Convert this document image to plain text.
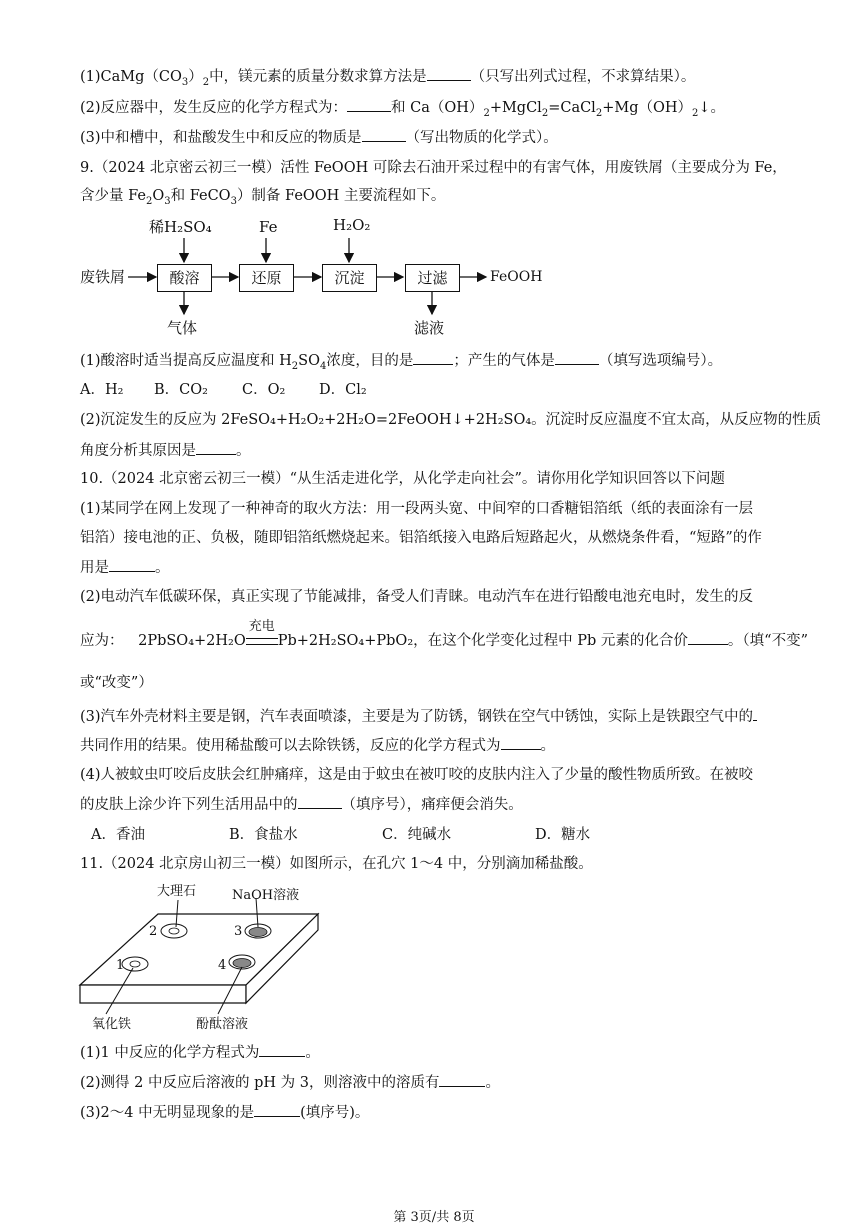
$(1)CaMg(CO_3)_2$中，镁元素的质量分数求算方法是	（只写出列式过程，不求算结果）。
(2)反应器中，发生反应的化学方程式为：	和 $Ca(OH)_2+MgCl_2=CaCl_2+Mg(OH)_2↓$。
(3)中和槽中，和盐酸发生中和反应的物质是	（写出物质的化学式）。
9.（2024 北京密云初三一模）活性 FeOOH 可除去石油开采过程中的有害气体，用废铁屑（主要成分为 Fe，
含少量 $Fe_2O_3$和 FeCO$_3$）制备 FeOOH 主要流程如下。
稀H₂SO₄	Fe	H₂O₂
废铁屑	酸溶	还原	沉淀	过滤	FeOOH
气体	滤液
(1)酸溶时适当提高反应温度和 $H_2SO_4$浓度，目的是	；产生的气体是	（填写选项编号）。
A．H₂ B．CO₂ C．O₂ D．Cl₂
(2)沉淀发生的反应为 2FeSO₄+H₂O₂+2H₂O=2FeOOH↓+2H₂SO₄。沉淀时反应温度不宜太高，从反应物的性质
角度分析其原因是	。
10.（2024 北京密云初三一模）“从生活走进化学，从化学走向社会”。请你用化学知识回答以下问题
(1)某同学在网上发现了一种神奇的取火方法：用一段两头宽、中间窄的口香糖铝箔纸（纸的表面涂有一层
铝箔）接电池的正、负极，随即铝箔纸燃烧起来。铝箔纸接入电路后短路起火，从燃烧条件看，“短路”的作
用是	。
(2)电动汽车低碳环保，真正实现了节能减排，备受人们青睐。电动汽车在进行铅酸电池充电时，发生的反
应为： 2PbSO₄+2H₂O
充电
Pb+2H₂SO₄+PbO₂，在这个化学变化过程中 Pb 元素的化合价	。（填“不变”
或“改变”）
(3)汽车外壳材料主要是钢，汽车表面喷漆，主要是为了防锈，钢铁在空气中锈蚀，实际上是铁跟空气中的
共同作用的结果。使用稀盐酸可以去除铁锈，反应的化学方程式为	。
(4)人被蚊虫叮咬后皮肤会红肿痛痒，这是由于蚊虫在被叮咬的皮肤内注入了少量的酸性物质所致。在被咬
的皮肤上涂少许下列生活用品中的	（填序号），痛痒便会消失。
A．香油	B．食盐水	C．纯碱水	D．糖水
11.（2024 北京房山初三一模）如图所示，在孔穴 1～4 中，分别滴加稀盐酸。
大理石	NaOH溶液
2	3
1	4
氧化铁	酚酞溶液
(1)1 中反应的化学方程式为	。
(2)测得 2 中反应后溶液的 pH 为 3，则溶液中的溶质有	。
(3)2～4 中无明显现象的是	(填序号)。
第 3页/共 8页
